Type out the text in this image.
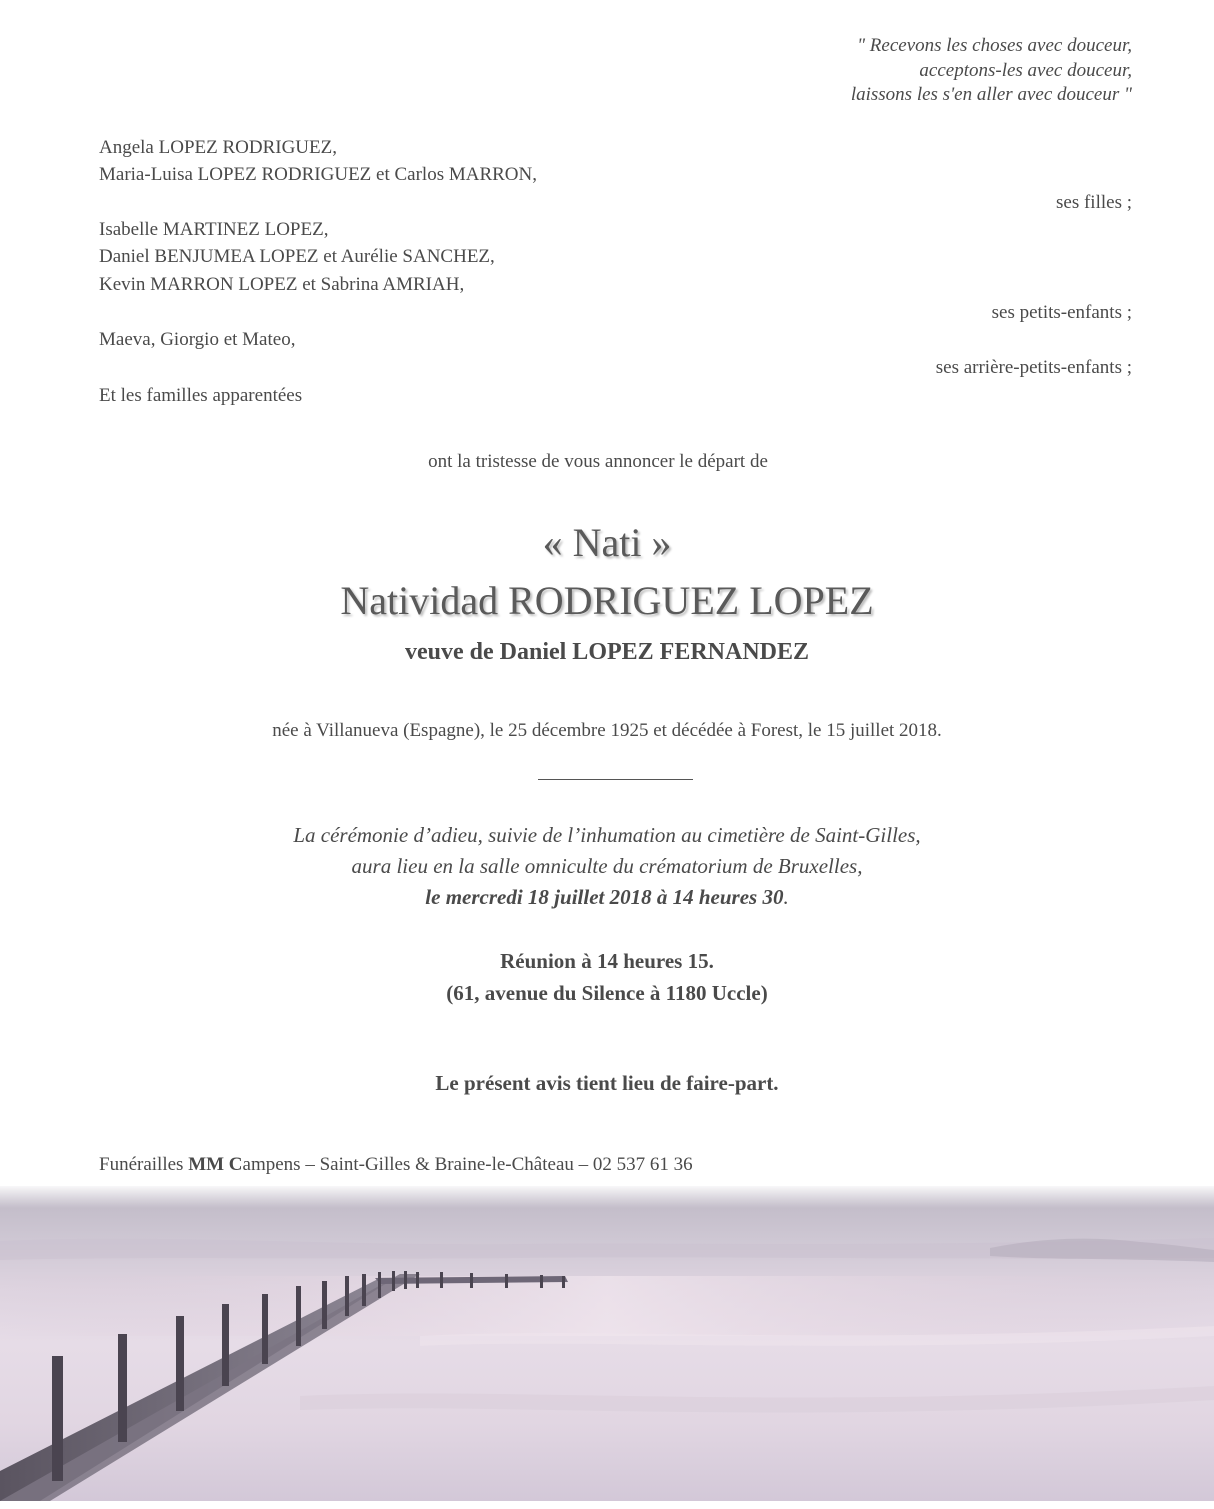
" Recevons les choses avec douceur,
acceptons-les avec douceur,
laissons les s'en aller avec douceur "
Angela LOPEZ RODRIGUEZ,
Maria-Luisa LOPEZ RODRIGUEZ et Carlos MARRON,
ses filles ;
Isabelle MARTINEZ LOPEZ,
Daniel BENJUMEA LOPEZ et Aurélie SANCHEZ,
Kevin MARRON LOPEZ et Sabrina AMRIAH,
ses petits-enfants ;
Maeva, Giorgio et Mateo,
ses arrière-petits-enfants ;
Et les familles apparentées
ont la tristesse de vous annoncer le départ de
« Nati »
Natividad RODRIGUEZ LOPEZ
veuve de Daniel LOPEZ FERNANDEZ
née à Villanueva (Espagne), le 25 décembre 1925 et décédée à Forest, le 15 juillet 2018.
La cérémonie d’adieu, suivie de l’inhumation au cimetière de Saint-Gilles,
aura lieu en la salle omniculte du crématorium de Bruxelles,
le mercredi 18 juillet 2018 à 14 heures 30.
Réunion à 14 heures 15.
(61, avenue du Silence à 1180 Uccle)
Le présent avis tient lieu de faire-part.
Funérailles MM Campens – Saint-Gilles & Braine-le-Château – 02 537 61 36
